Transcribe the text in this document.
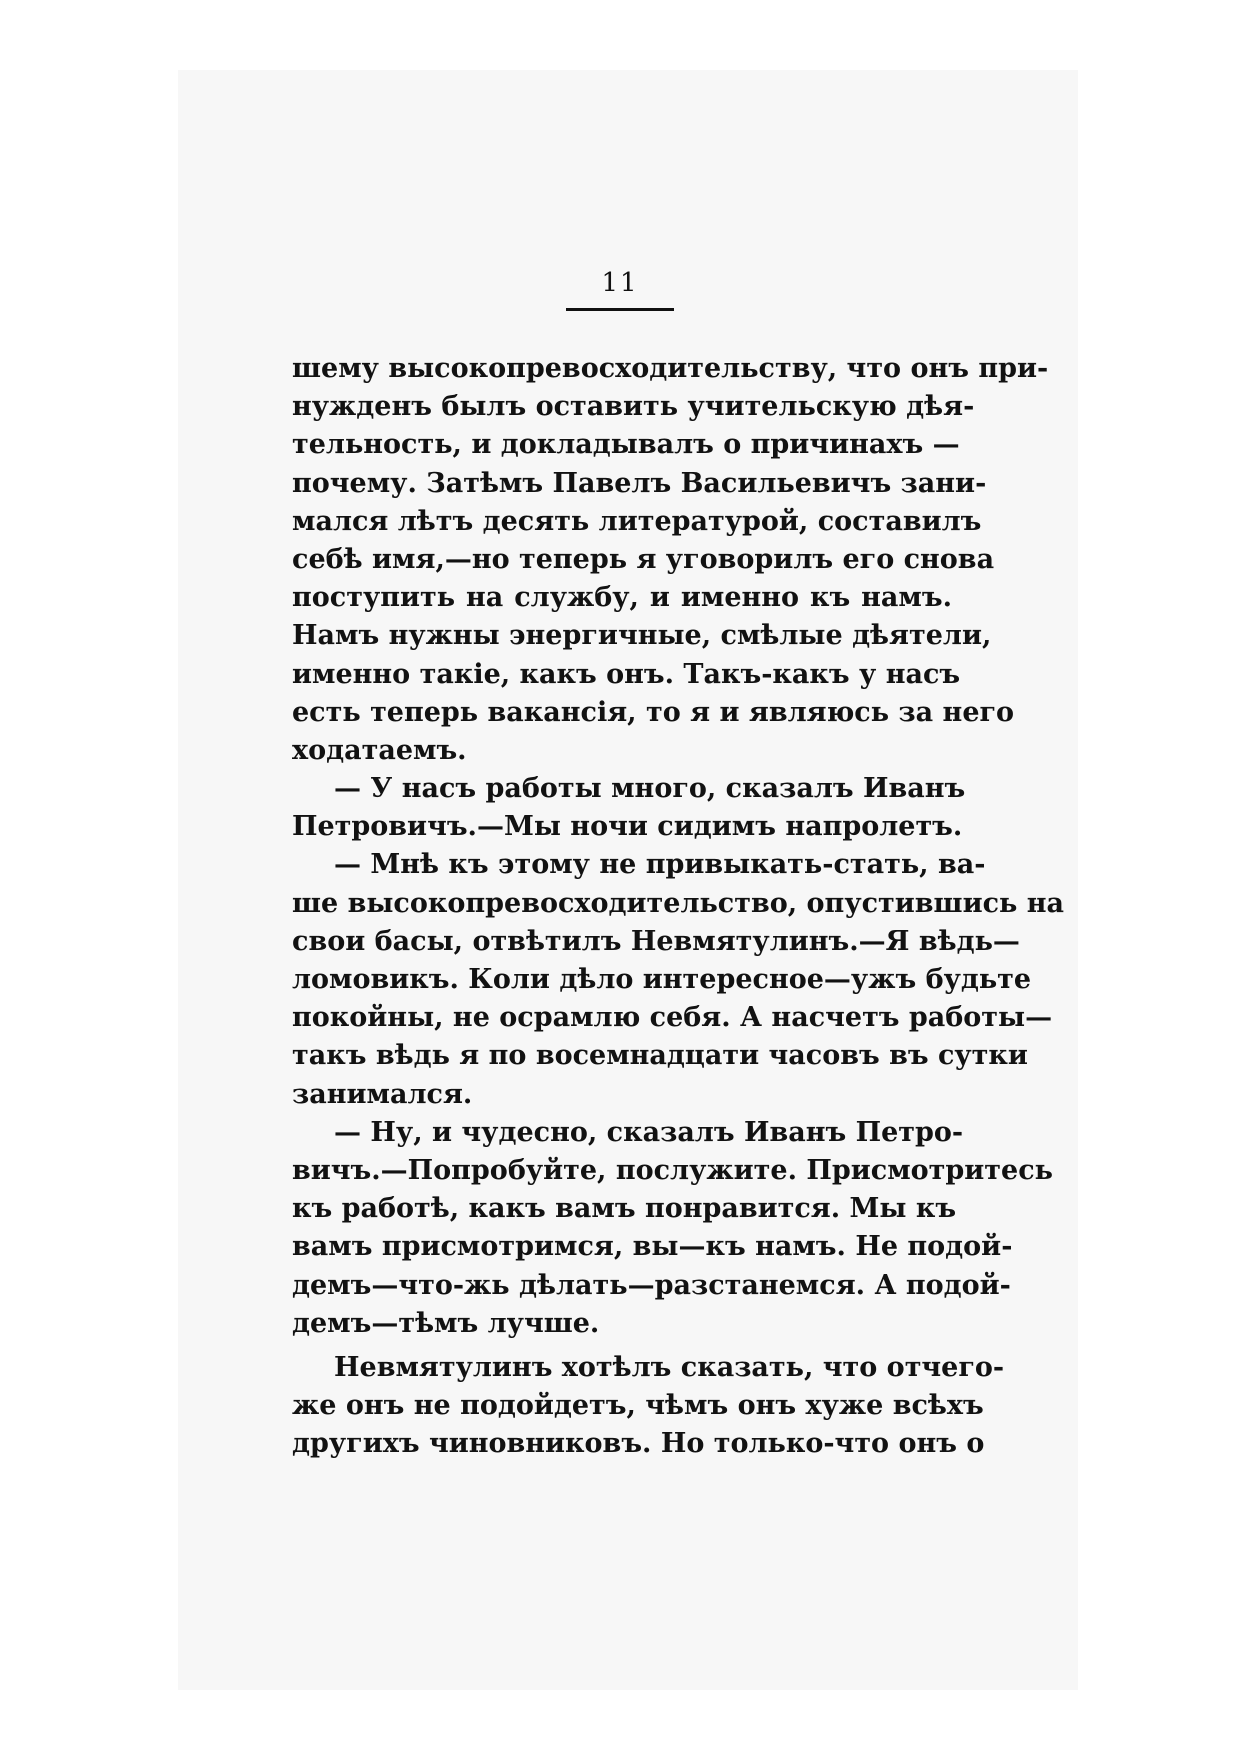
11
шему высокопревосходительству, что онъ при-
нужденъ былъ оставить учительскую дѣя-
тельность, и докладывалъ о причинахъ —
почему. Затѣмъ Павелъ Васильевичъ зани-
мался лѣтъ десять литературой, составилъ
себѣ имя,—но теперь я уговорилъ его снова
поступить на службу, и именно къ намъ.
Намъ нужны энергичные, смѣлые дѣятели,
именно такіе, какъ онъ. Такъ-какъ у насъ
есть теперь вакансія, то я и являюсь за него
ходатаемъ.
— У насъ работы много, сказалъ Иванъ
Петровичъ.—Мы ночи сидимъ напролетъ.
— Мнѣ къ этому не привыкать-стать, ва-
ше высокопревосходительство, опустившись на
свои басы, отвѣтилъ Невмятулинъ.—Я вѣдь—
ломовикъ. Коли дѣло интересное—ужъ будьте
покойны, не осрамлю себя. А насчетъ работы—
такъ вѣдь я по восемнадцати часовъ въ сутки
занимался.
— Ну, и чудесно, сказалъ Иванъ Петро-
вичъ.—Попробуйте, послужите. Присмотритесь
къ работѣ, какъ вамъ понравится. Мы къ
вамъ присмотримся, вы—къ намъ. Не подой-
демъ—что-жь дѣлать—разстанемся. А подой-
демъ—тѣмъ лучше.
Невмятулинъ хотѣлъ сказать, что отчего-
же онъ не подойдетъ, чѣмъ онъ хуже всѣхъ
другихъ чиновниковъ. Но только-что онъ о
